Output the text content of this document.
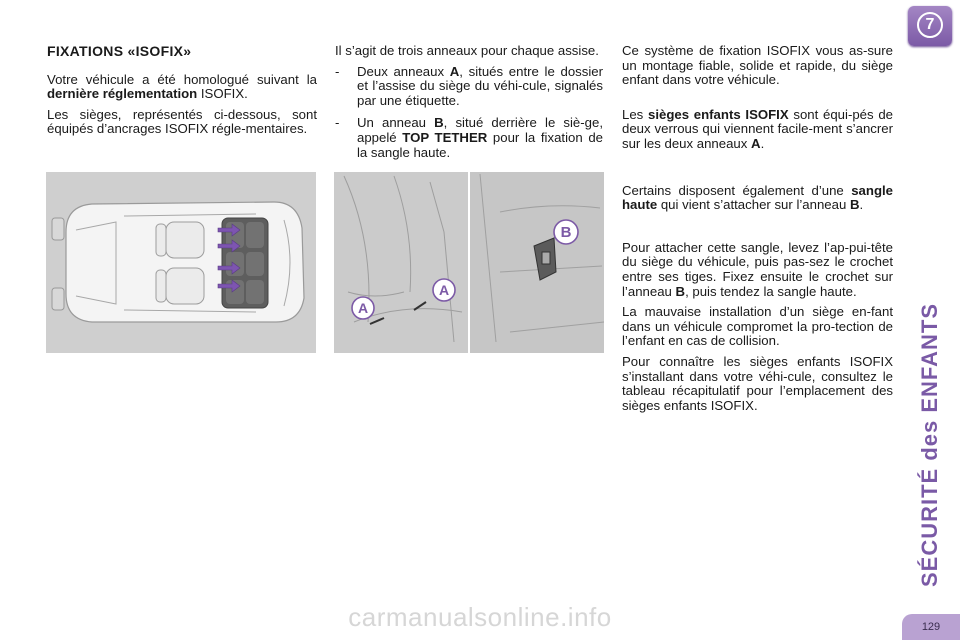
FIXATIONS «ISOFIX»

Votre véhicule a été homologué suivant la dernière réglementation ISOFIX.

Les sièges, représentés ci-dessous, sont équipés d’ancrages ISOFIX régle-mentaires.

Il s’agit de trois anneaux pour chaque assise.

- Deux anneaux A, situés entre le dossier et l’assise du siège du véhi-cule, signalés par une étiquette.
- Un anneau B, situé derrière le siè-ge, appelé TOP TETHER pour la fixation de la sangle haute.

Ce système de fixation ISOFIX vous as-sure un montage fiable, solide et rapide, du siège enfant dans votre véhicule.

Les sièges enfants ISOFIX sont équi-pés de deux verrous qui viennent facile-ment s’ancrer sur les deux anneaux A.

Certains disposent également d’une sangle haute qui vient s’attacher sur l’anneau B.

Pour attacher cette sangle, levez l’ap-pui-tête du siège du véhicule, puis pas-sez le crochet entre ses tiges. Fixez ensuite le crochet sur l’anneau B, puis tendez la sangle haute.

La mauvaise installation d’un siège en-fant dans un véhicule compromet la pro-tection de l’enfant en cas de collision.

Pour connaître les sièges enfants ISOFIX s’installant dans votre véhi-cule, consultez le tableau récapitulatif pour l’emplacement des sièges enfants ISOFIX.

A
A
B
7
SÉCURITÉ des ENFANTS
129
carmanualsonline.info
